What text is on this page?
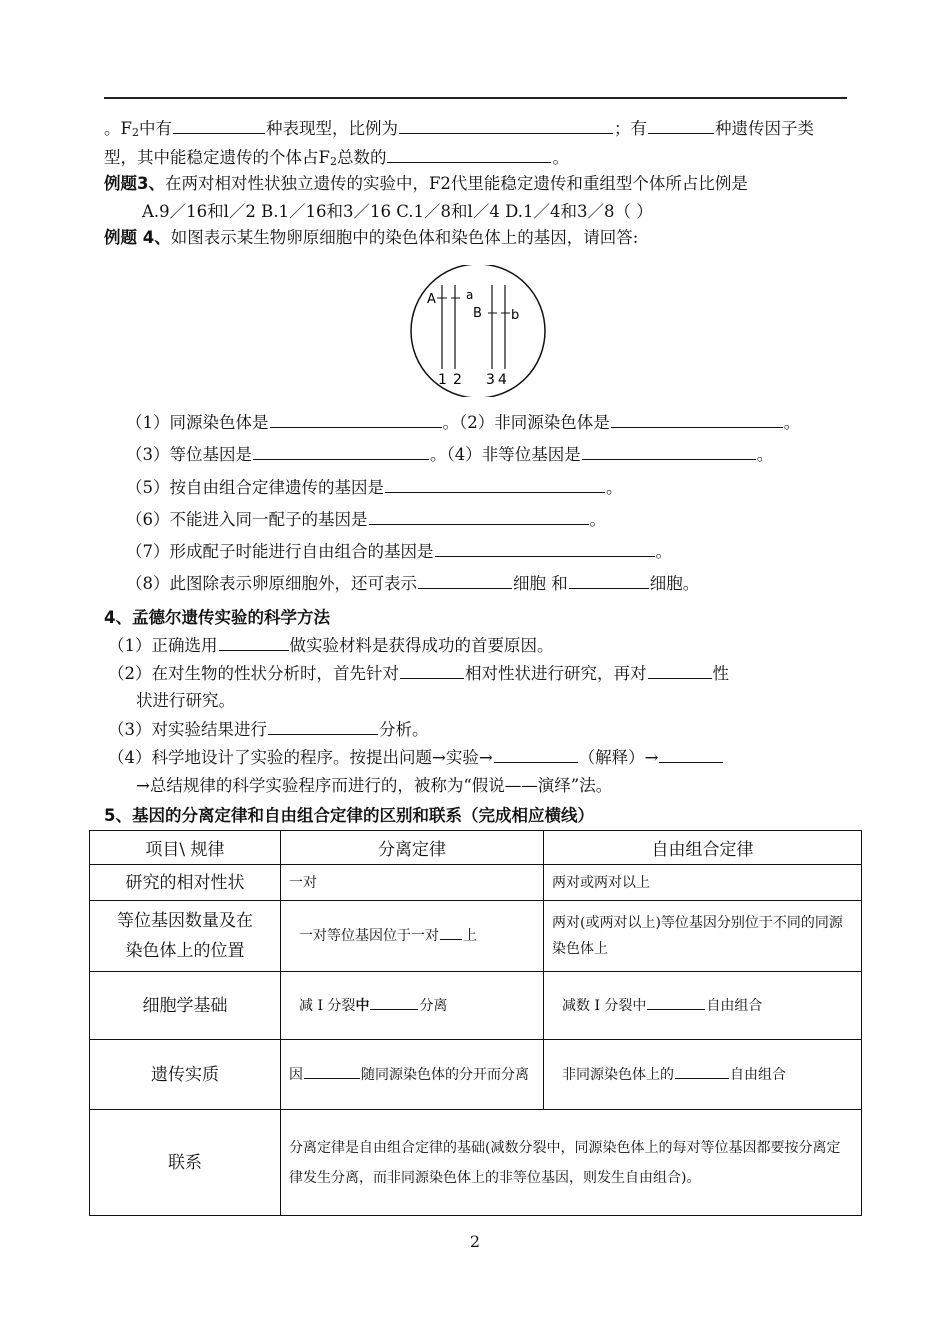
。F2中有	种表现型，比例为	；有	种遗传因子类
型，其中能稳定遗传的个体占F2总数的	。
例题3、在两对相对性状独立遗传的实验中，F2代里能稳定遗传和重组型个体所占比例是
A.9／16和l／2 B.1／16和3／16 C.1／8和l／4 D.1／4和3／8（ ）
例题 4、如图表示某生物卵原细胞中的染色体和染色体上的基因，请回答:
A	a
B b
1 2 3 4
（1）同源染色体是	。（2）非同源染色体是	。
（3）等位基因是	。（4）非等位基因是	。
（5）按自由组合定律遗传的基因是	。
（6）不能进入同一配子的基因是	。
（7）形成配子时能进行自由组合的基因是	。
（8）此图除表示卵原细胞外，还可表示	细胞 和	细胞。
4、孟德尔遗传实验的科学方法
（1）正确选用	做实验材料是获得成功的首要原因。
（2）在对生物的性状分析时，首先针对	相对性状进行研究，再对	性
状进行研究。
（3）对实验结果进行	分析。
（4）科学地设计了实验的程序。按提出问题→实验→	（解释）→
→总结规律的科学实验程序而进行的，被称为“假说——演绎”法。
5、基因的分离定律和自由组合定律的区别和联系（完成相应横线）
项目\ 规律	分离定律	自由组合定律
研究的相对性状	一对	两对或两对以上

等位基因数量及在
染色体上的位置	一对等位基因位于一对 上	两对(或两对以上)等位基因分别位于不同的同源染色体上
细胞学基础	减 I 分裂中 分离	减数 I 分裂中 自由组合
遗传实质	因 随同源染色体的分开而分离	非同源染色体上的 自由组合
联系	分离定律是自由组合定律的基础(减数分裂中，同源染色体上的每对等位基因都要按分离定律发生分离，而非同源染色体上的非等位基因，则发生自由组合)。	
2
